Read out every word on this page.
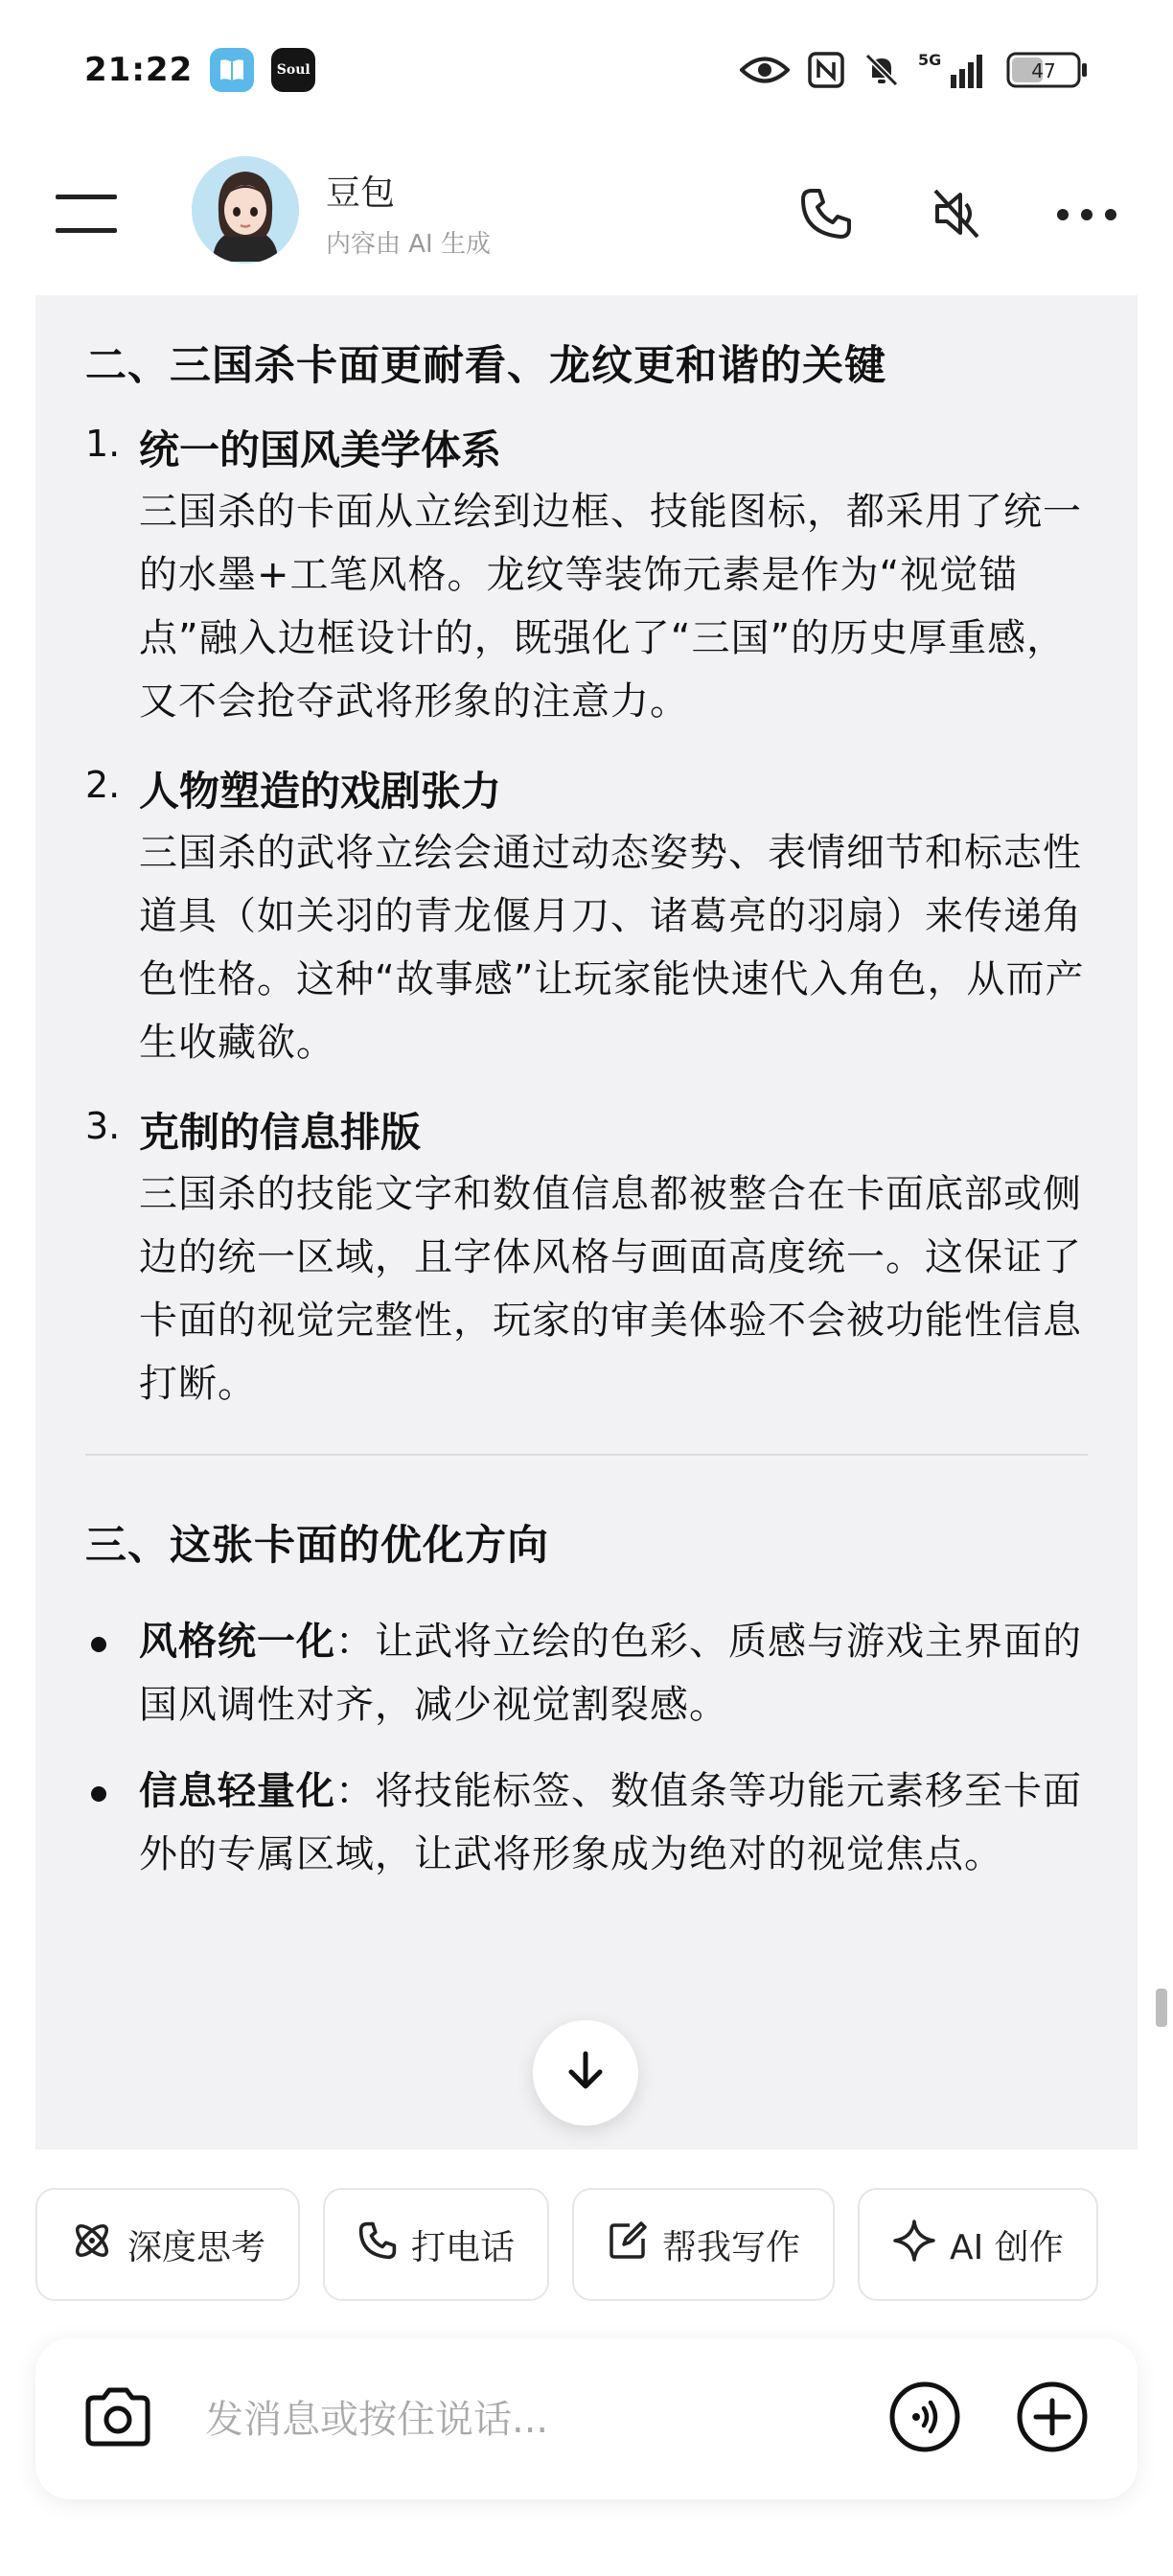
21:22	Soul
5G	47
豆包
内容由 AI 生成
二、三国杀卡面更耐看、龙纹更和谐的关键
1. 统一的国风美学体系
三国杀的卡面从立绘到边框、技能图标，都采用了统一的水墨+工笔风格。龙纹等装饰元素是作为“视觉锚点”融入边框设计的，既强化了“三国”的历史厚重感，又不会抢夺武将形象的注意力。
2. 人物塑造的戏剧张力
三国杀的武将立绘会通过动态姿势、表情细节和标志性道具（如关羽的青龙偃月刀、诸葛亮的羽扇）来传递角色性格。这种“故事感”让玩家能快速代入角色，从而产生收藏欲。
3. 克制的信息排版
三国杀的技能文字和数值信息都被整合在卡面底部或侧边的统一区域，且字体风格与画面高度统一。这保证了卡面的视觉完整性，玩家的审美体验不会被功能性信息打断。
三、这张卡面的优化方向
风格统一化：让武将立绘的色彩、质感与游戏主界面的国风调性对齐，减少视觉割裂感。
信息轻量化：将技能标签、数值条等功能元素移至卡面外的专属区域，让武将形象成为绝对的视觉焦点。
深度思考	打电话	帮我写作	AI 创作
发消息或按住说话...
